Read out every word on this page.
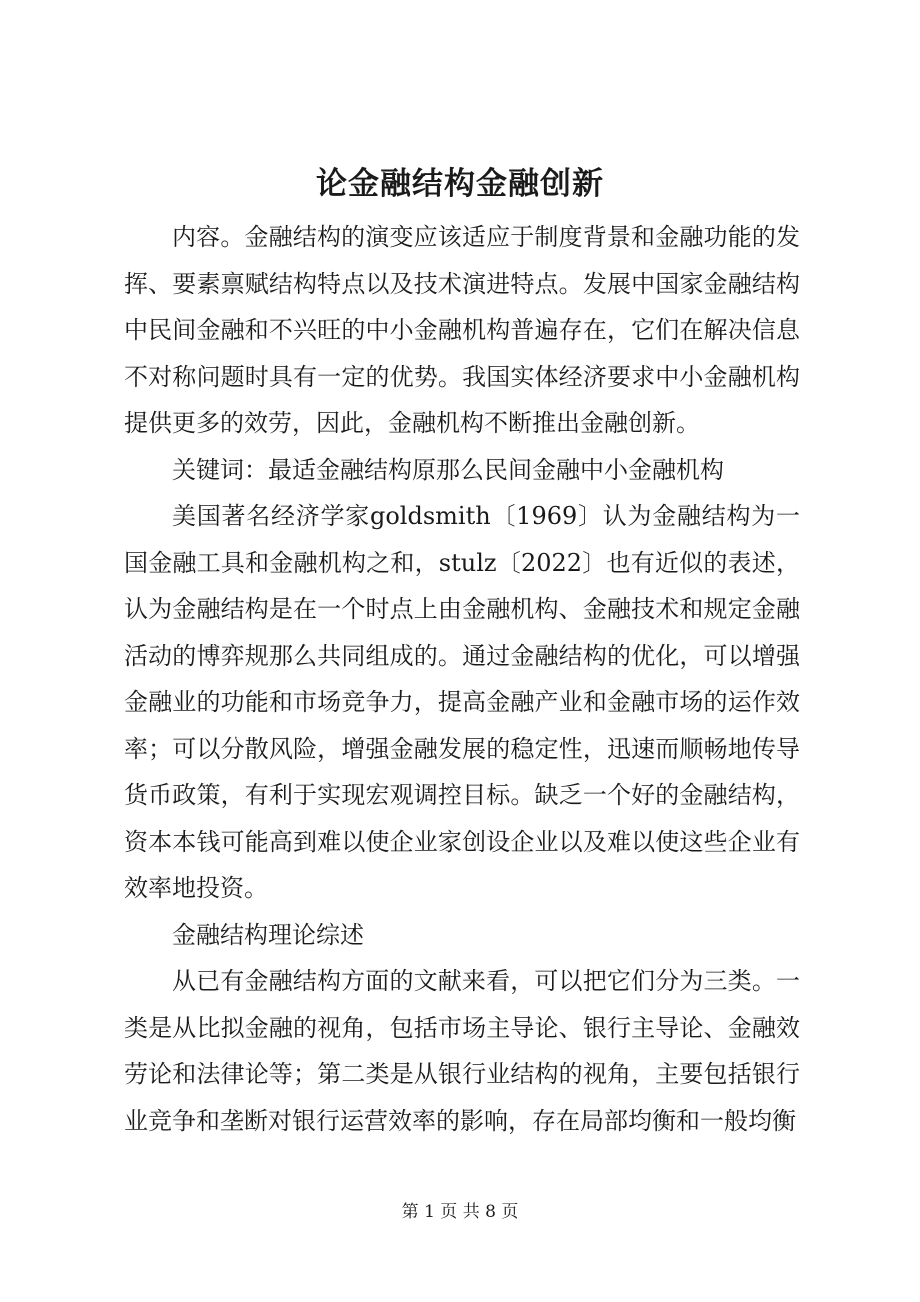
论金融结构金融创新

内容。金融结构的演变应该适应于制度背景和金融功能的发挥、要素禀赋结构特点以及技术演进特点。发展中国家金融结构中民间金融和不兴旺的中小金融机构普遍存在，它们在解决信息不对称问题时具有一定的优势。我国实体经济要求中小金融机构提供更多的效劳，因此，金融机构不断推出金融创新。

关键词：最适金融结构原那么民间金融中小金融机构

美国著名经济学家goldsmith〔1969〕认为金融结构为一国金融工具和金融机构之和，stulz〔2022〕也有近似的表述，认为金融结构是在一个时点上由金融机构、金融技术和规定金融活动的博弈规那么共同组成的。通过金融结构的优化，可以增强金融业的功能和市场竞争力，提高金融产业和金融市场的运作效率；可以分散风险，增强金融发展的稳定性，迅速而顺畅地传导货币政策，有利于实现宏观调控目标。缺乏一个好的金融结构，资本本钱可能高到难以使企业家创设企业以及难以使这些企业有效率地投资。

金融结构理论综述

从已有金融结构方面的文献来看，可以把它们分为三类。一类是从比拟金融的视角，包括市场主导论、银行主导论、金融效劳论和法律论等；第二类是从银行业结构的视角，主要包括银行业竞争和垄断对银行运营效率的影响，存在局部均衡和一般均衡

第 1 页 共 8 页
